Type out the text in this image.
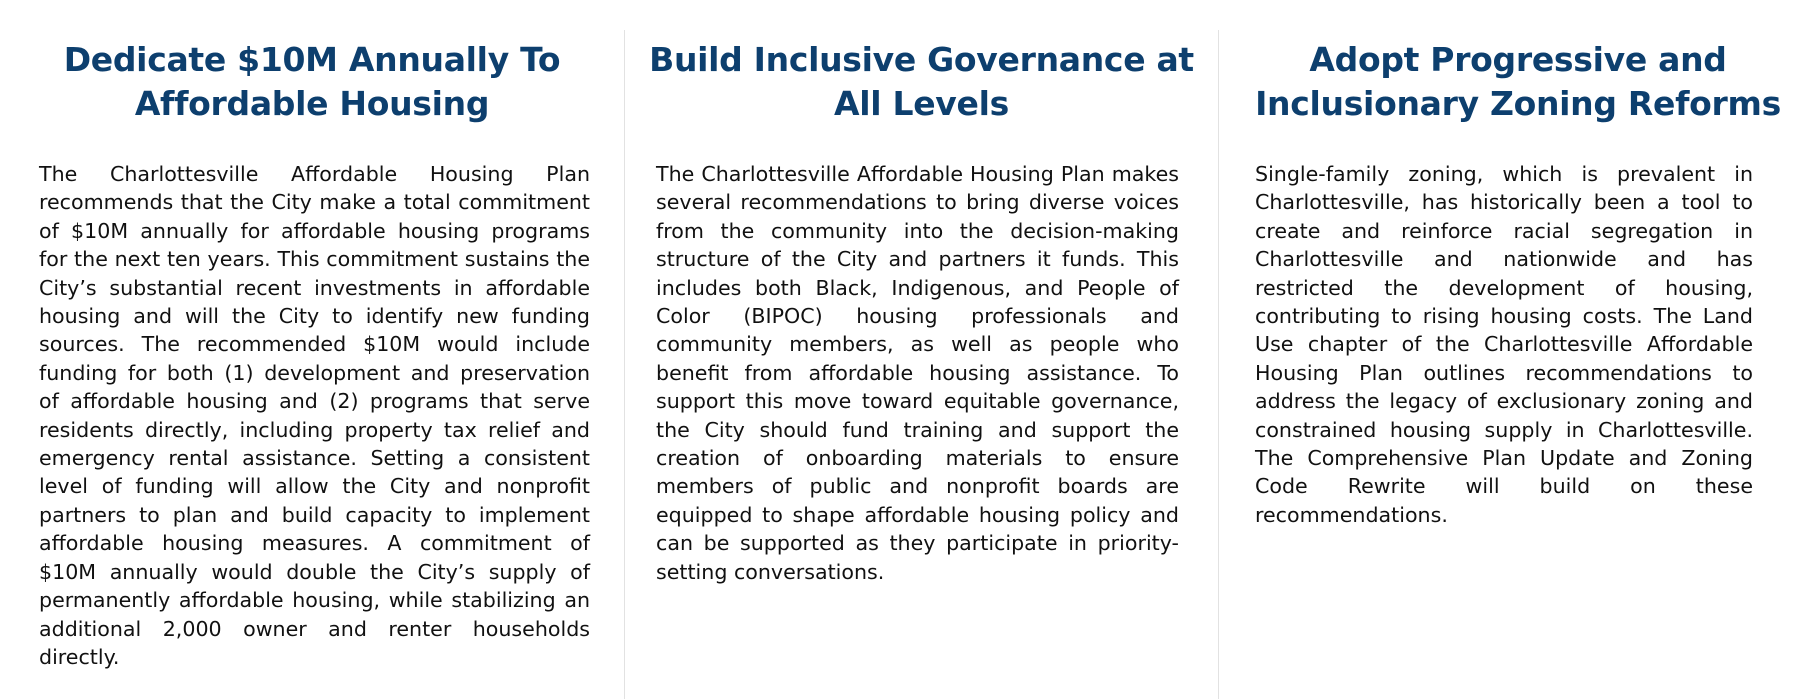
Dedicate $10M Annually To Affordable Housing

The Charlottesville Affordable Housing Plan recommends that the City make a total commitment of $10M annually for affordable housing programs for the next ten years. This commitment sustains the City’s substantial recent investments in affordable housing and will the City to identify new funding sources. The recommended $10M would include funding for both (1) development and preservation of affordable housing and (2) programs that serve residents directly, including property tax relief and emergency rental assistance. Setting a consistent level of funding will allow the City and nonprofit partners to plan and build capacity to implement affordable housing measures. A commitment of $10M annually would double the City’s supply of permanently affordable housing, while stabilizing an additional 2,000 owner and renter households directly.

Build Inclusive Governance at All Levels

The Charlottesville Affordable Housing Plan makes several recommendations to bring diverse voices from the community into the decision-making structure of the City and partners it funds. This includes both Black, Indigenous, and People of Color (BIPOC) housing professionals and community members, as well as people who benefit from affordable housing assistance. To support this move toward equitable governance, the City should fund training and support the creation of onboarding materials to ensure members of public and nonprofit boards are equipped to shape affordable housing policy and can be supported as they participate in priority-setting conversations.

Adopt Progressive and Inclusionary Zoning Reforms

Single-family zoning, which is prevalent in Charlottesville, has historically been a tool to create and reinforce racial segregation in Charlottesville and nationwide and has restricted the development of housing, contributing to rising housing costs. The Land Use chapter of the Charlottesville Affordable Housing Plan outlines recommendations to address the legacy of exclusionary zoning and constrained housing supply in Charlottesville. The Comprehensive Plan Update and Zoning Code Rewrite will build on these recommendations.
